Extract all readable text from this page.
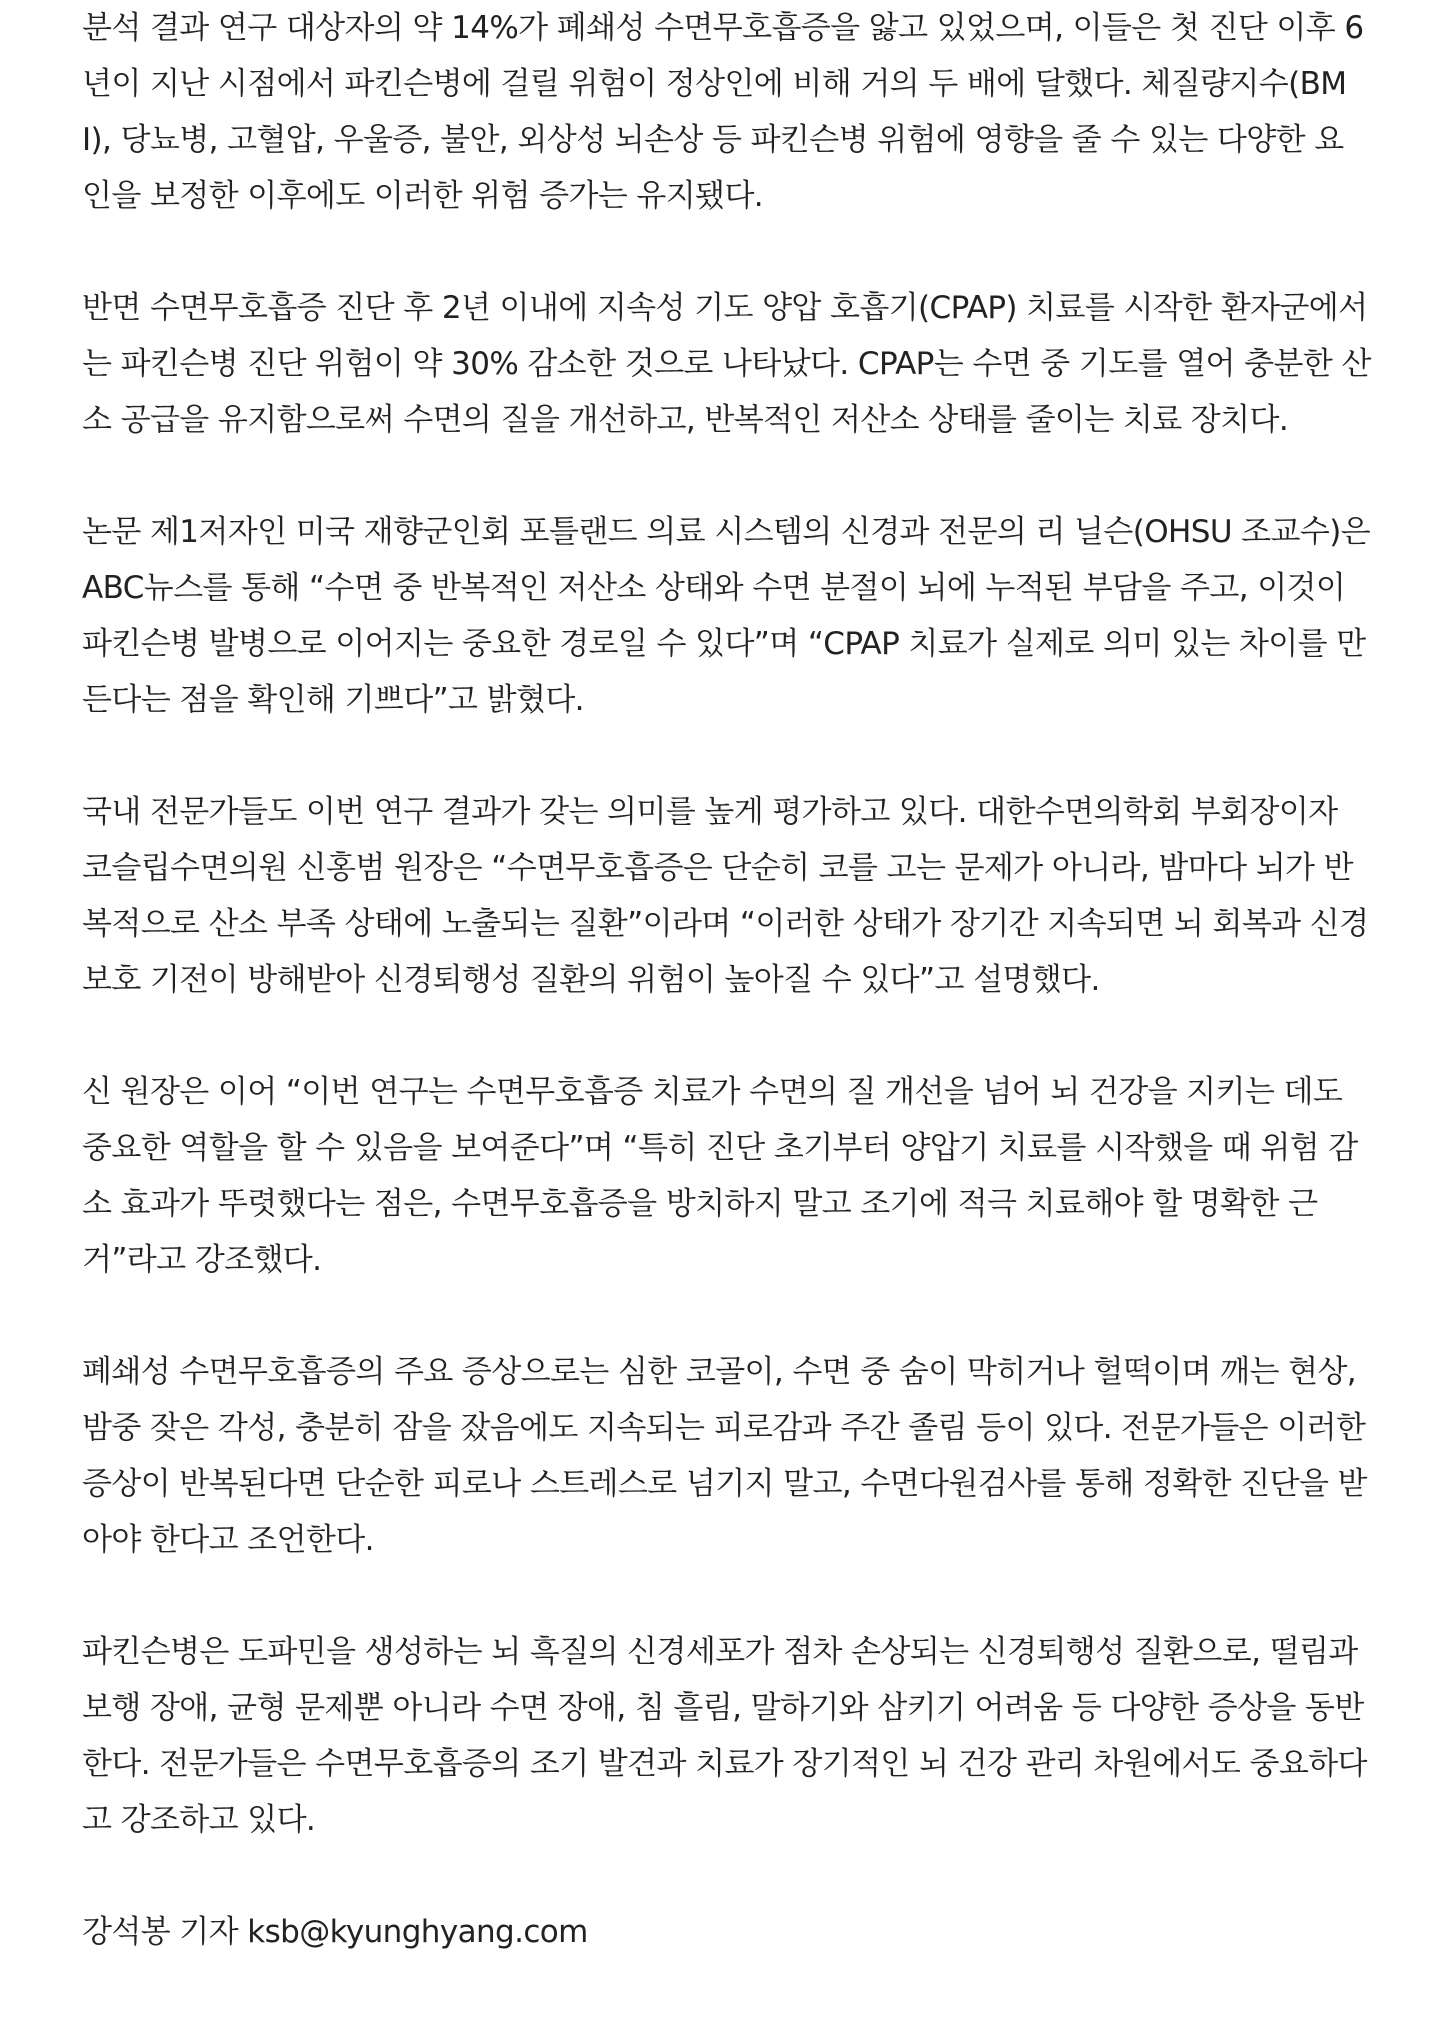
분석 결과 연구 대상자의 약 14%가 폐쇄성 수면무호흡증을 앓고 있었으며, 이들은 첫 진단 이후 6년이 지난 시점에서 파킨슨병에 걸릴 위험이 정상인에 비해 거의 두 배에 달했다. 체질량지수(BMI), 당뇨병, 고혈압, 우울증, 불안, 외상성 뇌손상 등 파킨슨병 위험에 영향을 줄 수 있는 다양한 요인을 보정한 이후에도 이러한 위험 증가는 유지됐다.

반면 수면무호흡증 진단 후 2년 이내에 지속성 기도 양압 호흡기(CPAP) 치료를 시작한 환자군에서는 파킨슨병 진단 위험이 약 30% 감소한 것으로 나타났다. CPAP는 수면 중 기도를 열어 충분한 산소 공급을 유지함으로써 수면의 질을 개선하고, 반복적인 저산소 상태를 줄이는 치료 장치다.

논문 제1저자인 미국 재향군인회 포틀랜드 의료 시스템의 신경과 전문의 리 닐슨(OHSU 조교수)은 ABC뉴스를 통해 “수면 중 반복적인 저산소 상태와 수면 분절이 뇌에 누적된 부담을 주고, 이것이 파킨슨병 발병으로 이어지는 중요한 경로일 수 있다”며 “CPAP 치료가 실제로 의미 있는 차이를 만든다는 점을 확인해 기쁘다”고 밝혔다.

국내 전문가들도 이번 연구 결과가 갖는 의미를 높게 평가하고 있다. 대한수면의학회 부회장이자 코슬립수면의원 신홍범 원장은 “수면무호흡증은 단순히 코를 고는 문제가 아니라, 밤마다 뇌가 반복적으로 산소 부족 상태에 노출되는 질환”이라며 “이러한 상태가 장기간 지속되면 뇌 회복과 신경 보호 기전이 방해받아 신경퇴행성 질환의 위험이 높아질 수 있다”고 설명했다.

신 원장은 이어 “이번 연구는 수면무호흡증 치료가 수면의 질 개선을 넘어 뇌 건강을 지키는 데도 중요한 역할을 할 수 있음을 보여준다”며 “특히 진단 초기부터 양압기 치료를 시작했을 때 위험 감소 효과가 뚜렷했다는 점은, 수면무호흡증을 방치하지 말고 조기에 적극 치료해야 할 명확한 근거”라고 강조했다.

폐쇄성 수면무호흡증의 주요 증상으로는 심한 코골이, 수면 중 숨이 막히거나 헐떡이며 깨는 현상, 밤중 잦은 각성, 충분히 잠을 잤음에도 지속되는 피로감과 주간 졸림 등이 있다. 전문가들은 이러한 증상이 반복된다면 단순한 피로나 스트레스로 넘기지 말고, 수면다원검사를 통해 정확한 진단을 받아야 한다고 조언한다.

파킨슨병은 도파민을 생성하는 뇌 흑질의 신경세포가 점차 손상되는 신경퇴행성 질환으로, 떨림과 보행 장애, 균형 문제뿐 아니라 수면 장애, 침 흘림, 말하기와 삼키기 어려움 등 다양한 증상을 동반한다. 전문가들은 수면무호흡증의 조기 발견과 치료가 장기적인 뇌 건강 관리 차원에서도 중요하다고 강조하고 있다.

강석봉 기자 ksb@kyunghyang.com
